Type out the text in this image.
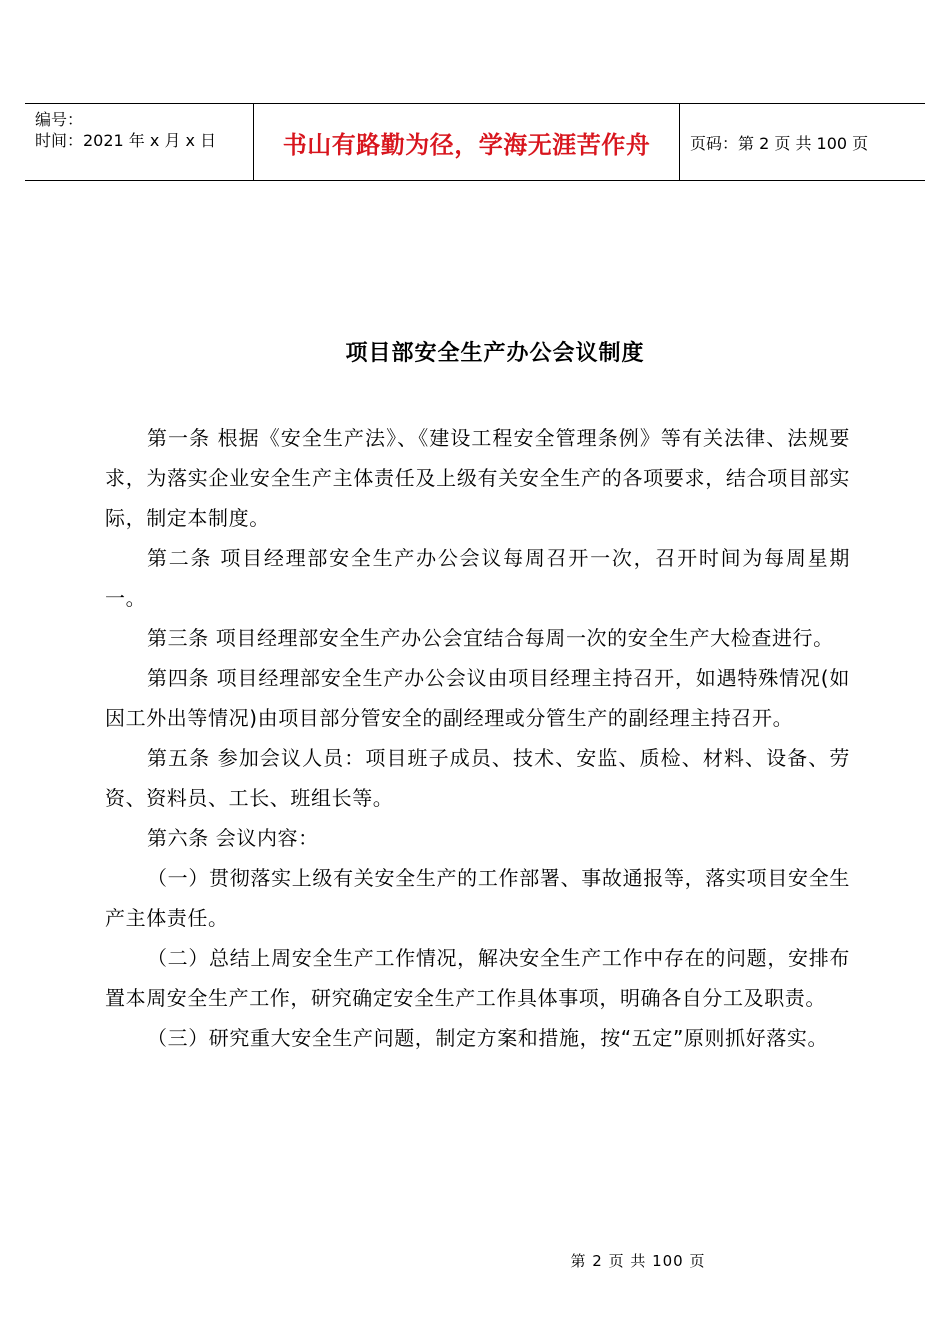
编号：
时间：2021 年 x 月 x 日	书山有路勤为径，学海无涯苦作舟	页码：第 2 页 共 100 页
项目部安全生产办公会议制度

第一条 根据《安全生产法》、《建设工程安全管理条例》等有关法律、法规要求，为落实企业安全生产主体责任及上级有关安全生产的各项要求，结合项目部实际，制定本制度。

第二条 项目经理部安全生产办公会议每周召开一次，召开时间为每周星期一。

第三条 项目经理部安全生产办公会宜结合每周一次的安全生产大检查进行。

第四条 项目经理部安全生产办公会议由项目经理主持召开，如遇特殊情况(如因工外出等情况)由项目部分管安全的副经理或分管生产的副经理主持召开。

第五条 参加会议人员：项目班子成员、技术、安监、质检、材料、设备、劳资、资料员、工长、班组长等。

第六条 会议内容：

（一）贯彻落实上级有关安全生产的工作部署、事故通报等，落实项目安全生产主体责任。

（二）总结上周安全生产工作情况，解决安全生产工作中存在的问题，安排布置本周安全生产工作，研究确定安全生产工作具体事项，明确各自分工及职责。

（三）研究重大安全生产问题，制定方案和措施，按“五定”原则抓好落实。

第 2 页 共 100 页
